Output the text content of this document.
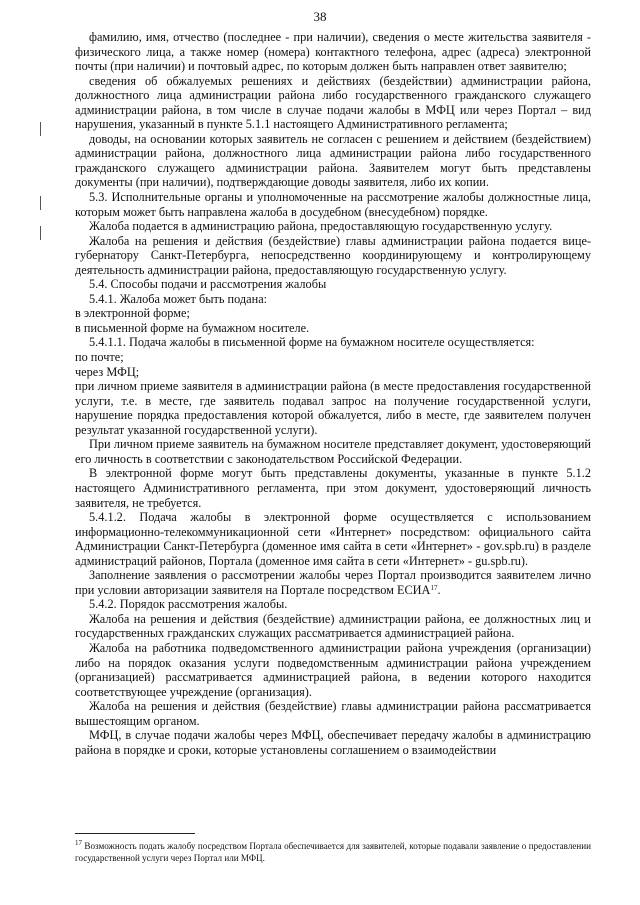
38

фамилию, имя, отчество (последнее - при наличии), сведения о месте жительства заявителя - физического лица, а также номер (номера) контактного телефона, адрес (адреса) электронной почты (при наличии) и почтовый адрес, по которым должен быть направлен ответ заявителю;

сведения об обжалуемых решениях и действиях (бездействии) администрации района, должностного лица администрации района либо государственного гражданского служащего администрации района, в том числе в случае подачи жалобы в МФЦ или через Портал – вид нарушения, указанный в пункте 5.1.1 настоящего Административного регламента;

доводы, на основании которых заявитель не согласен с решением и действием (бездействием) администрации района, должностного лица администрации района либо государственного гражданского служащего администрации района. Заявителем могут быть представлены документы (при наличии), подтверждающие доводы заявителя, либо их копии.

5.3. Исполнительные органы и уполномоченные на рассмотрение жалобы должностные лица, которым может быть направлена жалоба в досудебном (внесудебном) порядке.

Жалоба подается в администрацию района, предоставляющую государственную услугу.

Жалоба на решения и действия (бездействие) главы администрации района подается вице-губернатору Санкт-Петербурга, непосредственно координирующему и контролирующему деятельность администрации района, предоставляющую государственную услугу.

5.4. Способы подачи и рассмотрения жалобы

5.4.1. Жалоба может быть подана:

в электронной форме;

в письменной форме на бумажном носителе.

5.4.1.1. Подача жалобы в письменной форме на бумажном носителе осуществляется:

по почте;

через МФЦ;

при личном приеме заявителя в администрации района (в месте предоставления государственной услуги, т.е. в месте, где заявитель подавал запрос на получение государственной услуги, нарушение порядка предоставления которой обжалуется, либо в месте, где заявителем получен результат указанной государственной услуги).

При личном приеме заявитель на бумажном носителе представляет документ, удостоверяющий его личность в соответствии с законодательством Российской Федерации.

В электронной форме могут быть представлены документы, указанные в пункте 5.1.2 настоящего Административного регламента, при этом документ, удостоверяющий личность заявителя, не требуется.

5.4.1.2. Подача жалобы в электронной форме осуществляется с использованием информационно-телекоммуникационной сети «Интернет» посредством: официального сайта Администрации Санкт-Петербурга (доменное имя сайта в сети «Интернет» - gov.spb.ru) в разделе администраций районов, Портала (доменное имя сайта в сети «Интернет» - gu.spb.ru).

Заполнение заявления о рассмотрении жалобы через Портал производится заявителем лично при условии авторизации заявителя на Портале посредством ЕСИА$^{17}$.

5.4.2. Порядок рассмотрения жалобы.

Жалоба на решения и действия (бездействие) администрации района, ее должностных лиц и государственных гражданских служащих рассматривается администрацией района.

Жалоба на работника подведомственного администрации района учреждения (организации) либо на порядок оказания услуги подведомственным администрации района учреждением (организацией) рассматривается администрацией района, в ведении которого находится соответствующее учреждение (организация).

Жалоба на решения и действия (бездействие) главы администрации района рассматривается вышестоящим органом.

МФЦ, в случае подачи жалобы через МФЦ, обеспечивает передачу жалобы в администрацию района в порядке и сроки, которые установлены соглашением о взаимодействии

$^{17}$ Возможность подать жалобу посредством Портала обеспечивается для заявителей, которые подавали заявление о предоставлении государственной услуги через Портал или МФЦ.
